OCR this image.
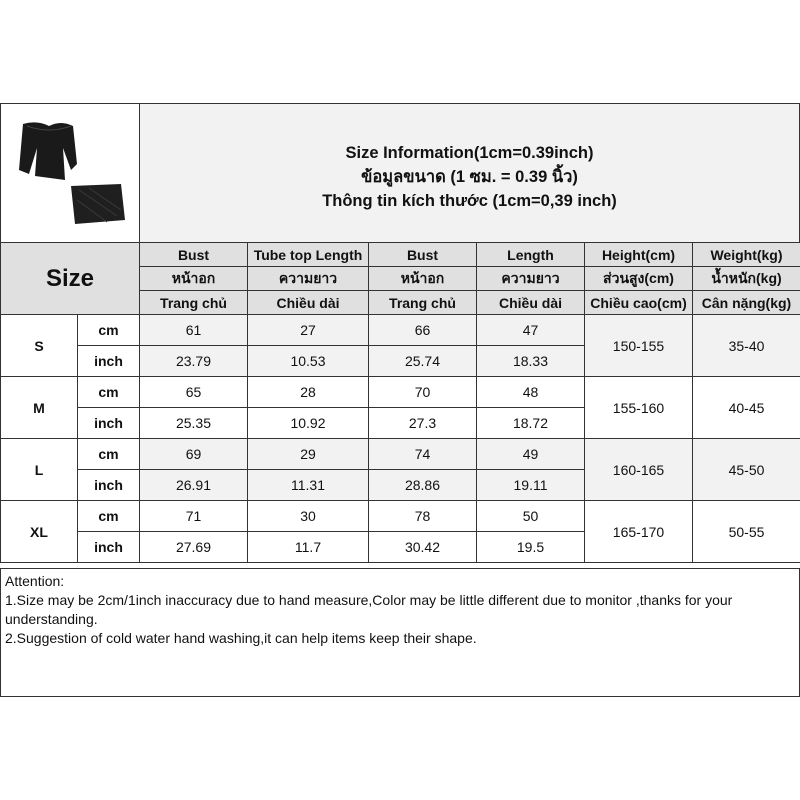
Size Information(1cm=0.39inch)
ข้อมูลขนาด (1 ซม. = 0.39 นิ้ว)
Thông tin kích thước (1cm=0,39 inch)
Size		Bust	Tube top Length	Bust	Length	Height(cm)	Weight(kg)
		หน้าอก	ความยาว	หน้าอก	ความยาว	ส่วนสูง(cm)	น้ำหนัก(kg)
		Trang chủ	Chiều dài	Trang chủ	Chiều dài	Chiều cao(cm)	Cân nặng(kg)
S	cm	61	27	66	47	150-155	35-40
	inch	23.79	10.53	25.74	18.33		
M	cm	65	28	70	48	155-160	40-45
	inch	25.35	10.92	27.3	18.72		
L	cm	69	29	74	49	160-165	45-50
	inch	26.91	11.31	28.86	19.11		
XL	cm	71	30	78	50	165-170	50-55
	inch	27.69	11.7	30.42	19.5		
Attention:
1.Size may be 2cm/1inch inaccuracy due to hand measure,Color may be little different due to monitor ,thanks for your understanding.
2.Suggestion of cold water hand washing,it can help items keep their shape.
